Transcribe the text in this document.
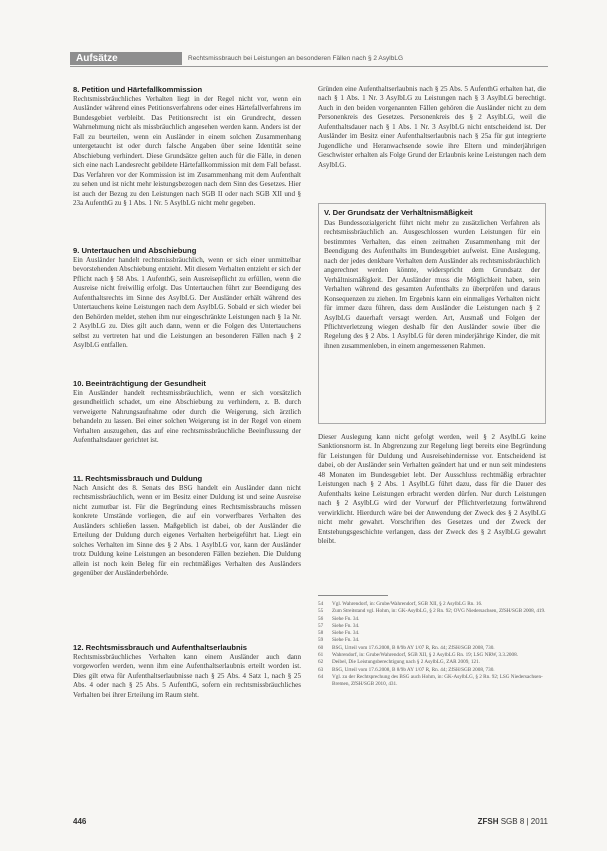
Aufsätze	Rechtsmissbrauch bei Leistungen an besonderen Fällen nach § 2 AsylbLG
8. Petition und Härtefallkommission

Rechtsmissbräuchliches Verhalten liegt in der Regel nicht vor, wenn ein Ausländer während eines Petitionsverfahrens oder eines Härtefallverfahrens im Bundesgebiet verbleibt. Das Petitionsrecht ist ein Grundrecht, dessen Wahrnehmung nicht als missbräuchlich angesehen werden kann. Anders ist der Fall zu beurteilen, wenn ein Ausländer in einem solchen Zusammenhang untergetaucht ist oder durch falsche Angaben über seine Identität seine Abschiebung verhindert. Diese Grundsätze gelten auch für die Fälle, in denen sich eine nach Landesrecht gebildete Härtefallkommission mit dem Fall befasst. Das Verfahren vor der Kommission ist im Zusammenhang mit dem Aufenthalt zu sehen und ist nicht mehr leistungsbezogen nach dem Sinn des Gesetzes. Hier ist auch der Bezug zu den Leistungen nach SGB II oder nach SGB XII und § 23a AufenthG zu § 1 Abs. 1 Nr. 5 AsylbLG nicht mehr gegeben.

9. Untertauchen und Abschiebung

Ein Ausländer handelt rechtsmissbräuchlich, wenn er sich einer unmittelbar bevorstehenden Abschiebung entzieht. Mit diesem Verhalten entzieht er sich der Pflicht nach § 58 Abs. 1 AufenthG, sein Ausreisepflicht zu erfüllen, wenn die Ausreise nicht freiwillig erfolgt. Das Untertauchen führt zur Beendigung des Aufenthaltsrechts im Sinne des AsylbLG. Der Ausländer erhält während des Untertauchens keine Leistungen nach dem AsylbLG. Sobald er sich wieder bei den Behörden meldet, stehen ihm nur eingeschränkte Leistungen nach § 1a Nr. 2 AsylbLG zu. Dies gilt auch dann, wenn er die Folgen des Untertauchens selbst zu vertreten hat und die Leistungen an besonderen Fällen nach § 2 AsylbLG entfallen.

10. Beeinträchtigung der Gesundheit

Ein Ausländer handelt rechtsmissbräuchlich, wenn er sich vorsätzlich gesundheitlich schadet, um eine Abschiebung zu verhindern, z. B. durch verweigerte Nahrungsaufnahme oder durch die Weigerung, sich ärztlich behandeln zu lassen. Bei einer solchen Weigerung ist in der Regel von einem Verhalten auszugehen, das auf eine rechtsmissbräuchliche Beeinflussung der Aufenthaltsdauer gerichtet ist.

11. Rechtsmissbrauch und Duldung

Nach Ansicht des 8. Senats des BSG handelt ein Ausländer dann nicht rechtsmissbräuchlich, wenn er im Besitz einer Duldung ist und seine Ausreise nicht zumutbar ist. Für die Begründung eines Rechtsmissbrauchs müssen konkrete Umstände vorliegen, die auf ein vorwerfbares Verhalten des Ausländers schließen lassen. Maßgeblich ist dabei, ob der Ausländer die Erteilung der Duldung durch eigenes Verhalten herbeigeführt hat. Liegt ein solches Verhalten im Sinne des § 2 Abs. 1 AsylbLG vor, kann der Ausländer trotz Duldung keine Leistungen an besonderen Fällen beziehen. Die Duldung allein ist noch kein Beleg für ein rechtmäßiges Verhalten des Ausländers gegenüber der Ausländerbehörde.

12. Rechtsmissbrauch und Aufenthaltserlaubnis

Rechtsmissbräuchliches Verhalten kann einem Ausländer auch dann vorgeworfen werden, wenn ihm eine Aufenthaltserlaubnis erteilt worden ist. Dies gilt etwa für Aufenthaltserlaubnisse nach § 25 Abs. 4 Satz 1, nach § 25 Abs. 4 oder nach § 25 Abs. 5 AufenthG, sofern ein rechtsmissbräuchliches Verhalten bei ihrer Erteilung im Raum steht.

Gründen eine Aufenthaltserlaubnis nach § 25 Abs. 5 AufenthG erhalten hat, die nach § 1 Abs. 1 Nr. 3 AsylbLG zu Leistungen nach § 3 AsylbLG berechtigt. Auch in den beiden vorgenannten Fällen gehören die Ausländer nicht zu dem Personenkreis des Gesetzes. Personenkreis des § 2 AsylbLG, weil die Aufenthaltsdauer nach § 1 Abs. 1 Nr. 3 AsylbLG nicht entscheidend ist. Der Ausländer im Besitz einer Aufenthaltserlaubnis nach § 25a für gut integrierte Jugendliche und Heranwachsende sowie ihre Eltern und minderjährigen Geschwister erhalten als Folge Grund der Erlaubnis keine Leistungen nach dem AsylbLG.

V. Der Grundsatz der Verhältnismäßigkeit

Das Bundessozialgericht führt nicht mehr zu zusätzlichen Verfahren als rechtsmissbräuchlich an. Ausgeschlossen wurden Leistungen für ein bestimmtes Verhalten, das einen zeitnahen Zusammenhang mit der Beendigung des Aufenthalts im Bundesgebiet aufweist. Eine Auslegung, nach der jedes denkbare Verhalten dem Ausländer als rechtsmissbräuchlich angerechnet werden könnte, widerspricht dem Grundsatz der Verhältnismäßigkeit. Der Ausländer muss die Möglichkeit haben, sein Verhalten während des gesamten Aufenthalts zu überprüfen und daraus Konsequenzen zu ziehen. Im Ergebnis kann ein einmaliges Verhalten nicht für immer dazu führen, dass dem Ausländer die Leistungen nach § 2 AsylbLG dauerhaft versagt werden. Art, Ausmaß und Folgen der Pflichtverletzung wiegen deshalb für den Ausländer sowie über die Regelung des § 2 Abs. 1 AsylbLG für deren minderjährige Kinder, die mit ihnen zusammenleben, in einem angemessenen Rahmen.

Dieser Auslegung kann nicht gefolgt werden, weil § 2 AsylbLG keine Sanktionsnorm ist. In Abgrenzung zur Regelung liegt bereits eine Begründung für Leistungen für Duldung und Ausreisehindernisse vor. Entscheidend ist dabei, ob der Ausländer sein Verhalten geändert hat und er nun seit mindestens 48 Monaten im Bundesgebiet lebt. Der Ausschluss rechtmäßig erbrachter Leistungen nach § 2 Abs. 1 AsylbLG führt dazu, dass für die Dauer des Aufenthalts keine Leistungen erbracht werden dürfen. Nur durch Leistungen nach § 2 AsylbLG wird der Vorwurf der Pflichtverletzung fortwährend verwirklicht. Hierdurch wäre bei der Anwendung der Zweck des § 2 AsylbLG nicht mehr gewahrt. Vorschriften des Gesetzes und der Zweck der Entstehungsgeschichte verlangen, dass der Zweck des § 2 AsylbLG gewahrt bleibt.

54	Vgl. Wahrendorf, in: Grube/Wahrendorf, SGB XII, § 2 AsylbLG Rn. 16.
55	Zum Streitstand vgl. Hohm, in: GK-AsylbLG, § 2 Rn. 92; OVG Niedersachsen, ZfSH/SGB 2008, 419.
56	Siehe Fn. 34.
57	Siehe Fn. 34.
58	Siehe Fn. 34.
59	Siehe Fn. 34.
60	BSG, Urteil vom 17.6.2008, B 8/9b AY 1/07 R, Rn. 44; ZfSH/SGB 2008, 730.
61	Wahrendorf, in: Grube/Wahrendorf, SGB XII, § 2 AsylbLG Rn. 19; LSG NRW, 3.3.2008.
62	Deibel, Die Leistungsberechtigung nach § 2 AsylbLG, ZAR 2009, 121.
63	BSG, Urteil vom 17.6.2008, B 8/9b AY 1/07 R, Rn. 44; ZfSH/SGB 2008, 730.
64	Vgl. zu der Rechtsprechung des BSG auch Hohm, in: GK-AsylbLG, § 2 Rn. 92; LSG Niedersachsen-Bremen, ZfSH/SGB 2010, 431.
446	ZFSH SGB 8 | 2011
